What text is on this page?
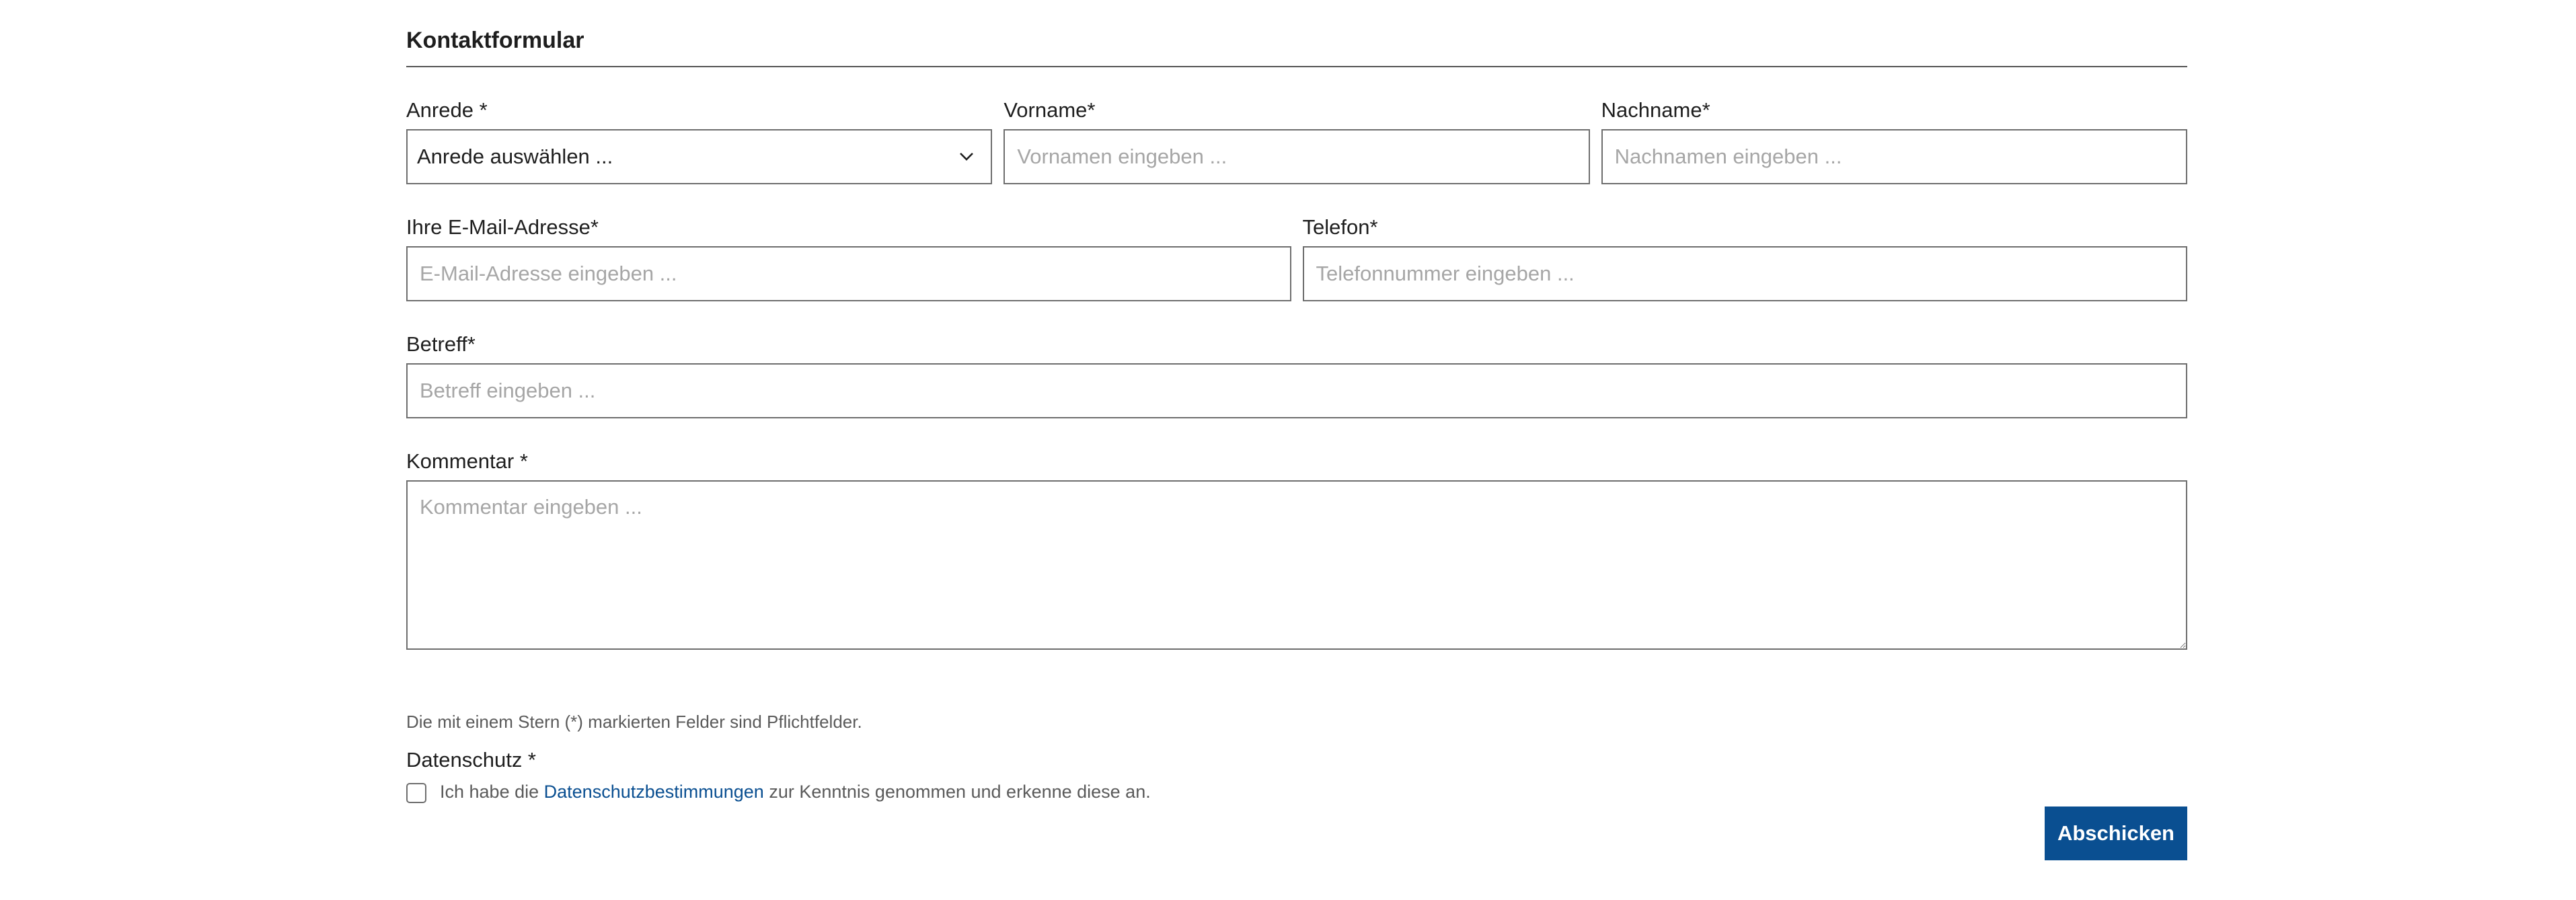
Kontaktformular
Anrede *
Anrede auswählen ...
Vorname*
Vornamen eingeben ...	Nachname*
Nachnamen eingeben ...
Ihre E-Mail-Adresse*
E-Mail-Adresse eingeben ...	Telefon*
Telefonnummer eingeben ...
Betreff*
Betreff eingeben ...
Kommentar *
Kommentar eingeben ...
Die mit einem Stern (*) markierten Felder sind Pflichtfelder.
Datenschutz *
Ich habe die
Datenschutzbestimmungen
zur Kenntnis genommen und erkenne diese an.
Abschicken
